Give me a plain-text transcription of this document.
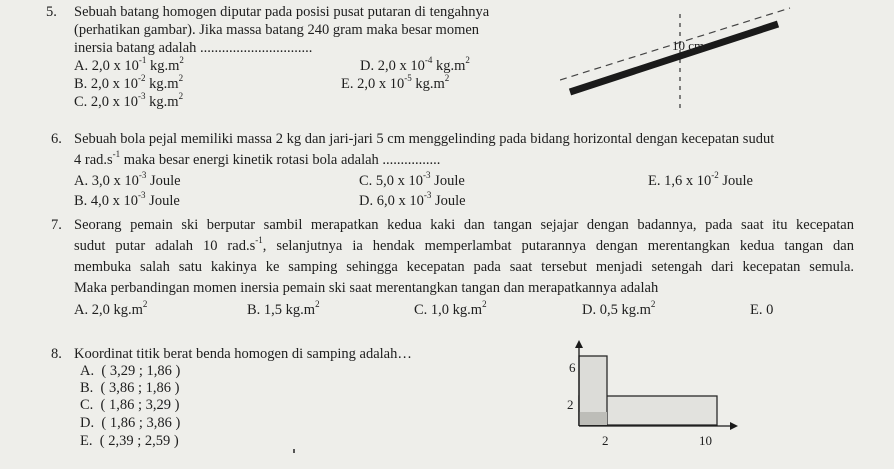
5. Sebuah batang homogen diputar pada posisi pusat putaran di tengahnya
(perhatikan gambar). Jika massa batang 240 gram maka besar momen
inersia batang adalah ...............................
A. 2,0 x $10^{-1}$ $kg.m^2$
B. 2,0 x $10^{-2}$ $kg.m^2$
C. 2,0 x $10^{-3}$ $kg.m^2$
D. 2,0 x $10^{-4}$ $kg.m^2$
E. 2,0 x $10^{-5}$ $kg.m^2$
10 cm
6. Sebuah bola pejal memiliki massa 2 kg dan jari-jari 5 cm menggelinding pada bidang horizontal dengan kecepatan sudut
4 $rad.s^{-1}$ maka besar energi kinetik rotasi bola adalah ................
A. 3,0 x $10^{-3}$ Joule
B. 4,0 x $10^{-3}$ Joule
C. 5,0 x $10^{-3}$ Joule
D. 6,0 x $10^{-3}$ Joule
E. 1,6 x $10^{-2}$ Joule
7. Seorang pemain ski berputar sambil merapatkan kedua kaki dan tangan sejajar dengan badannya, pada saat itu kecepatan
sudut putar adalah 10 $rad.s^{-1}$, selanjutnya ia hendak memperlambat putarannya dengan merentangkan kedua tangan dan
membuka salah satu kakinya ke samping sehingga kecepatan pada saat tersebut menjadi setengah dari kecepatan semula.
Maka perbandingan momen inersia pemain ski saat merentangkan tangan dan merapatkannya adalah
A. 2,0 $kg.m^2$	B. 1,5 $kg.m^2$	C. 1,0 $kg.m^2$	D. 0,5 $kg.m^2$	E. 0
8. Koordinat titik berat benda homogen di samping adalah…
A. ( 3,29 ; 1,86 )
B. ( 3,86 ; 1,86 )
C. ( 1,86 ; 3,29 )
D. ( 1,86 ; 3,86 )
E. ( 2,39 ; 2,59 )
6
2
2	10
